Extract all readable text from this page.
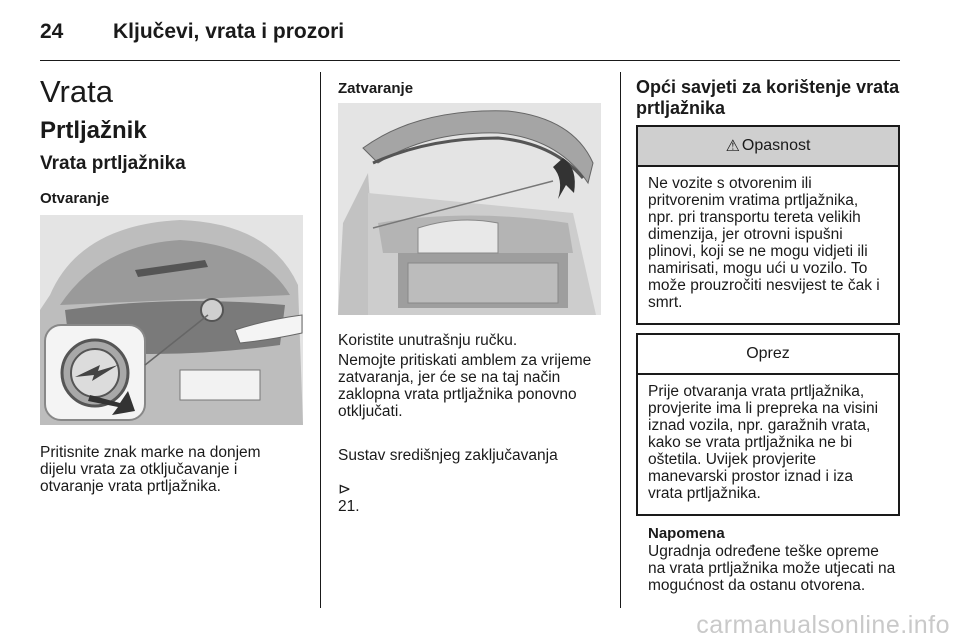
24 Ključevi, vrata i prozori
Vrata
Prtljažnik
Vrata prtljažnika
Otvaranje
Pritisnite znak marke na donjem
dijelu vrata za otključavanje i
otvaranje vrata prtljažnika.
Zatvaranje
Koristite unutrašnju ručku.
Nemojte pritiskati amblem za vrijeme
zatvaranja, jer će se na taj način
zaklopna vrata prtljažnika ponovno
otključati.

Sustav središnjeg zaključavanja

⊳
21.

Opći savjeti za korištenje vrata
prtljažnika
⚠ Opasnost
Ne vozite s otvorenim ili
pritvorenim vratima prtljažnika,
npr. pri transportu tereta velikih
dimenzija, jer otrovni ispušni
plinovi, koji se ne mogu vidjeti ili
namirisati, mogu ući u vozilo. To
može prouzročiti nesvijest te čak i
smrt.
Oprez
Prije otvaranja vrata prtljažnika,
provjerite ima li prepreka na visini
iznad vozila, npr. garažnih vrata,
kako se vrata prtljažnika ne bi
oštetila. Uvijek provjerite
manevarski prostor iznad i iza
vrata prtljažnika.
Napomena
Ugradnja određene teške opreme
na vrata prtljažnika može utjecati na
mogućnost da ostanu otvorena.
carmanualsonline.info
